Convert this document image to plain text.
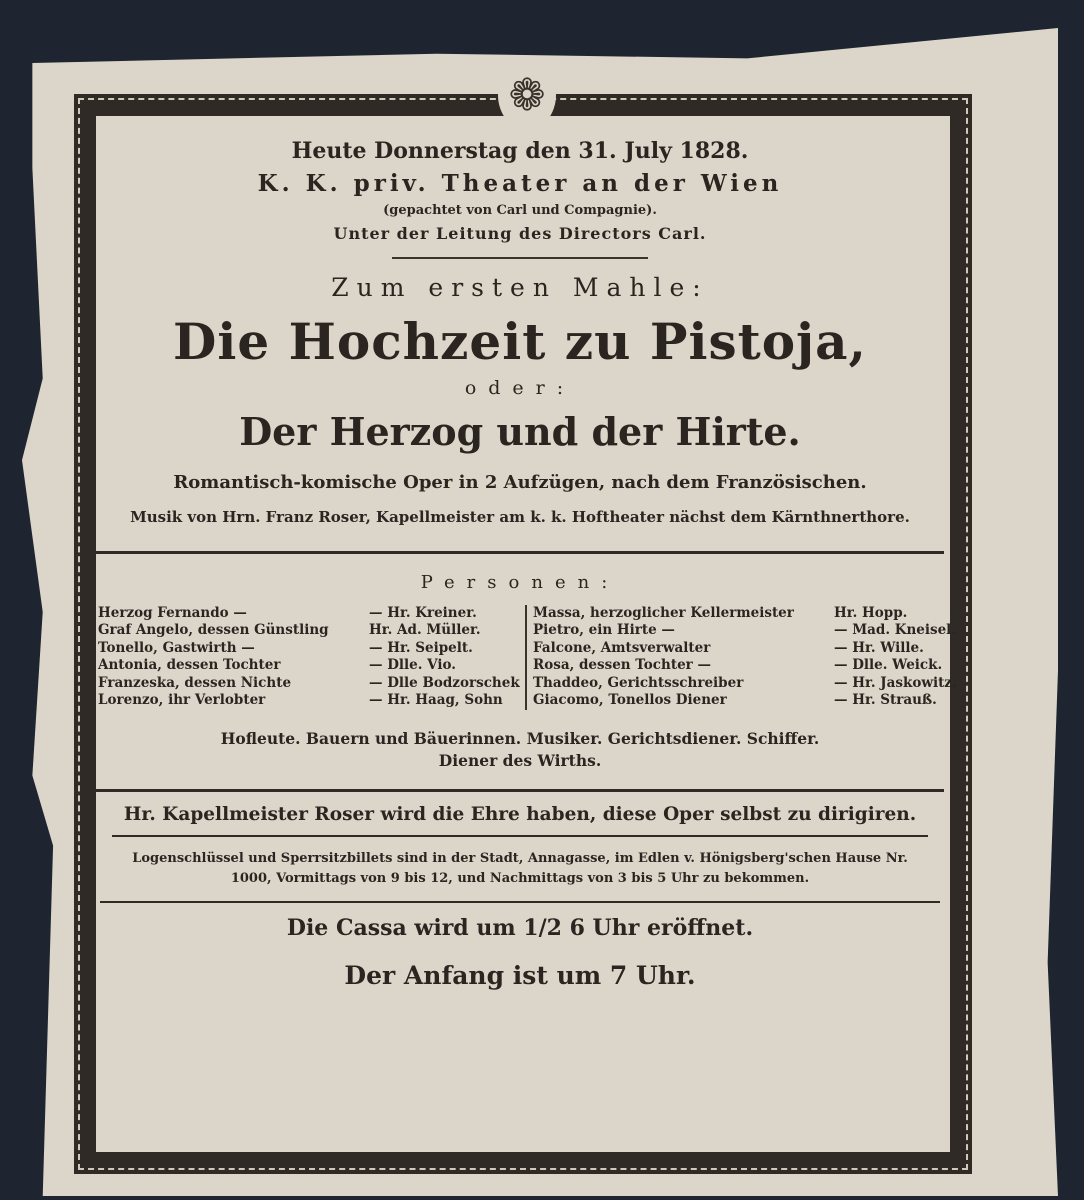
❁
Heute Donnerstag den 31. July 1828.
K. K. priv. Theater an der Wien
(gepachtet von Carl und Compagnie).
Unter der Leitung des Directors Carl.
Zum ersten Mahle:
Die Hochzeit zu Pistoja,
oder:
Der Herzog und der Hirte.
Romantisch-komische Oper in 2 Aufzügen, nach dem Französischen.
Musik von Hrn. Franz Roser, Kapellmeister am k. k. Hoftheater nächst dem Kärnthnerthore.
Personen:
Herzog Fernando —	— Hr. Kreiner.
Graf Angelo, dessen Günstling	Hr. Ad. Müller.
Tonello, Gastwirth —	— Hr. Seipelt.
Antonia, dessen Tochter	— Dlle. Vio.
Franzeska, dessen Nichte	— Dlle Bodzorschek
Lorenzo, ihr Verlobter	— Hr. Haag, Sohn
Massa, herzoglicher Kellermeister	Hr. Hopp.
Pietro, ein Hirte —	— Mad. Kneisel.
Falcone, Amtsverwalter	— Hr. Wille.
Rosa, dessen Tochter —	— Dlle. Weick.
Thaddeo, Gerichtsschreiber	— Hr. Jaskowitz.
Giacomo, Tonellos Diener	— Hr. Strauß.
Hofleute. Bauern und Bäuerinnen. Musiker. Gerichtsdiener. Schiffer.
Diener des Wirths.
Hr. Kapellmeister Roser wird die Ehre haben, diese Oper selbst zu dirigiren.
Logenschlüssel und Sperrsitzbillets sind in der Stadt, Annagasse, im Edlen v. Hönigsberg'schen Hause Nr. 1000, Vormittags von 9 bis 12, und Nachmittags von 3 bis 5 Uhr zu bekommen.
Die Cassa wird um 1/2 6 Uhr eröffnet.
Der Anfang ist um 7 Uhr.
